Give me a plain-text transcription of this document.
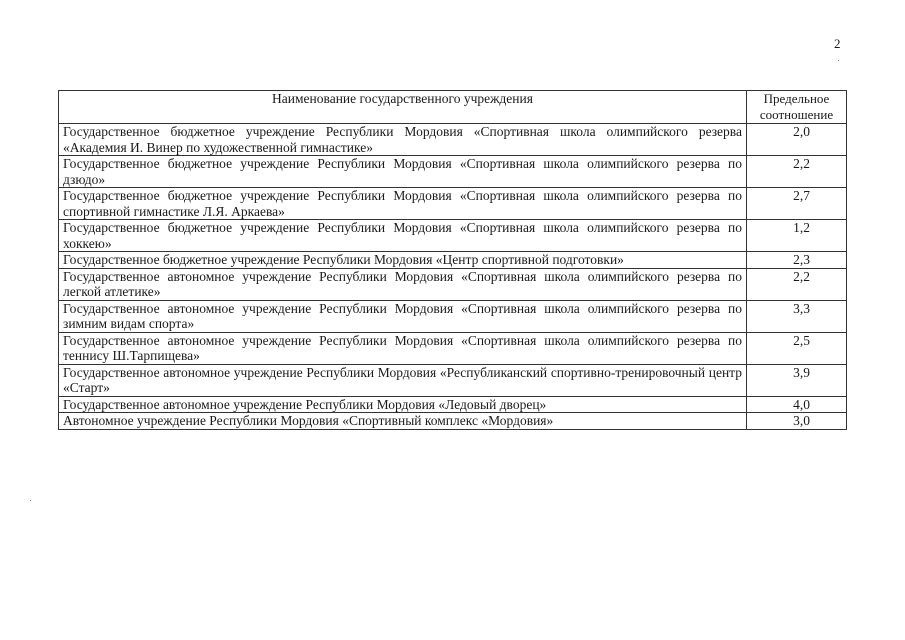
2
Наименование государственного учреждения	Предельное соотношение
Государственное бюджетное учреждение Республики Мордовия «Спортивная школа олимпийского резерва «Академия И. Винер по художественной гимнастике»	2,0
Государственное бюджетное учреждение Республики Мордовия «Спортивная школа олимпийского резерва по дзюдо»	2,2
Государственное бюджетное учреждение Республики Мордовия «Спортивная школа олимпийского резерва по спортивной гимнастике Л.Я. Аркаева»	2,7
Государственное бюджетное учреждение Республики Мордовия «Спортивная школа олимпийского резерва по хоккею»	1,2
Государственное бюджетное учреждение Республики Мордовия «Центр спортивной подготовки»	2,3
Государственное автономное учреждение Республики Мордовия «Спортивная школа олимпийского резерва по легкой атлетике»	2,2
Государственное автономное учреждение Республики Мордовия «Спортивная школа олимпийского резерва по зимним видам спорта»	3,3
Государственное автономное учреждение Республики Мордовия «Спортивная школа олимпийского резерва по теннису Ш.Тарпищева»	2,5
Государственное автономное учреждение Республики Мордовия «Республиканский спортивно-тренировочный центр «Старт»	3,9
Государственное автономное учреждение Республики Мордовия «Ледовый дворец»	4,0
Автономное учреждение Республики Мордовия «Спортивный комплекс «Мордовия»	3,0
